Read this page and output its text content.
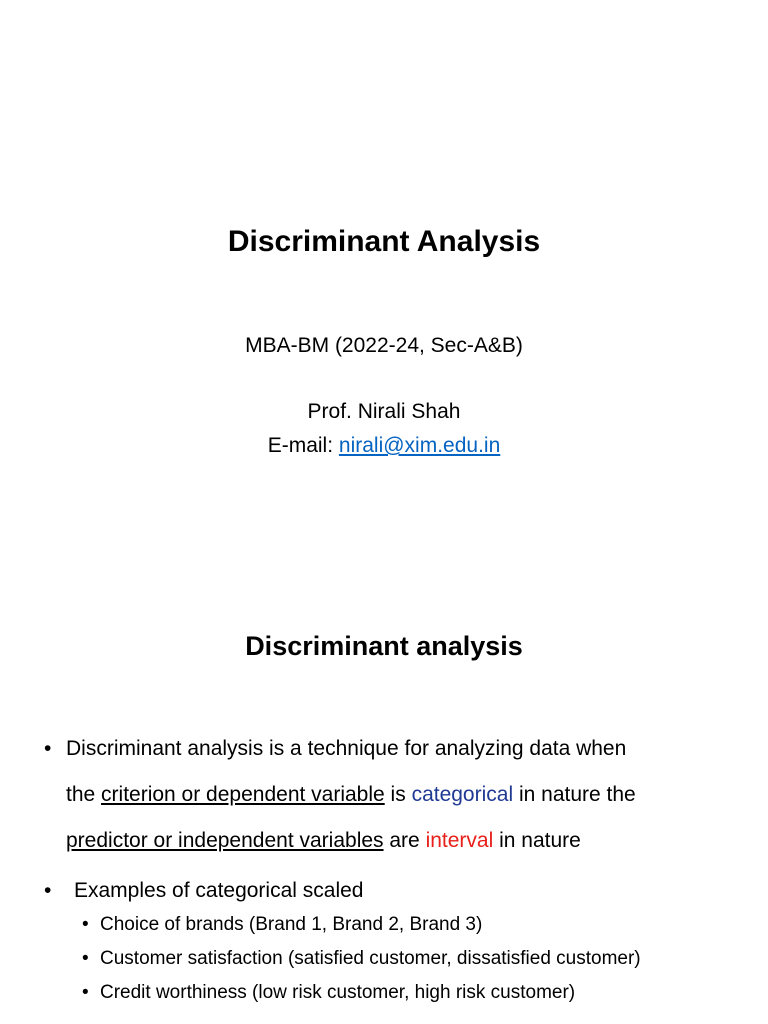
Discriminant Analysis
MBA-BM (2022-24, Sec-A&B)
Prof. Nirali Shah
E-mail: nirali@xim.edu.in
Discriminant analysis
• Discriminant analysis is a technique for analyzing data when
the criterion or dependent variable is categorical in nature the
predictor or independent variables are interval in nature
•	Examples of categorical scaled
• Choice of brands (Brand 1, Brand 2, Brand 3)
• Customer satisfaction (satisfied customer, dissatisfied customer)
• Credit worthiness (low risk customer, high risk customer)
